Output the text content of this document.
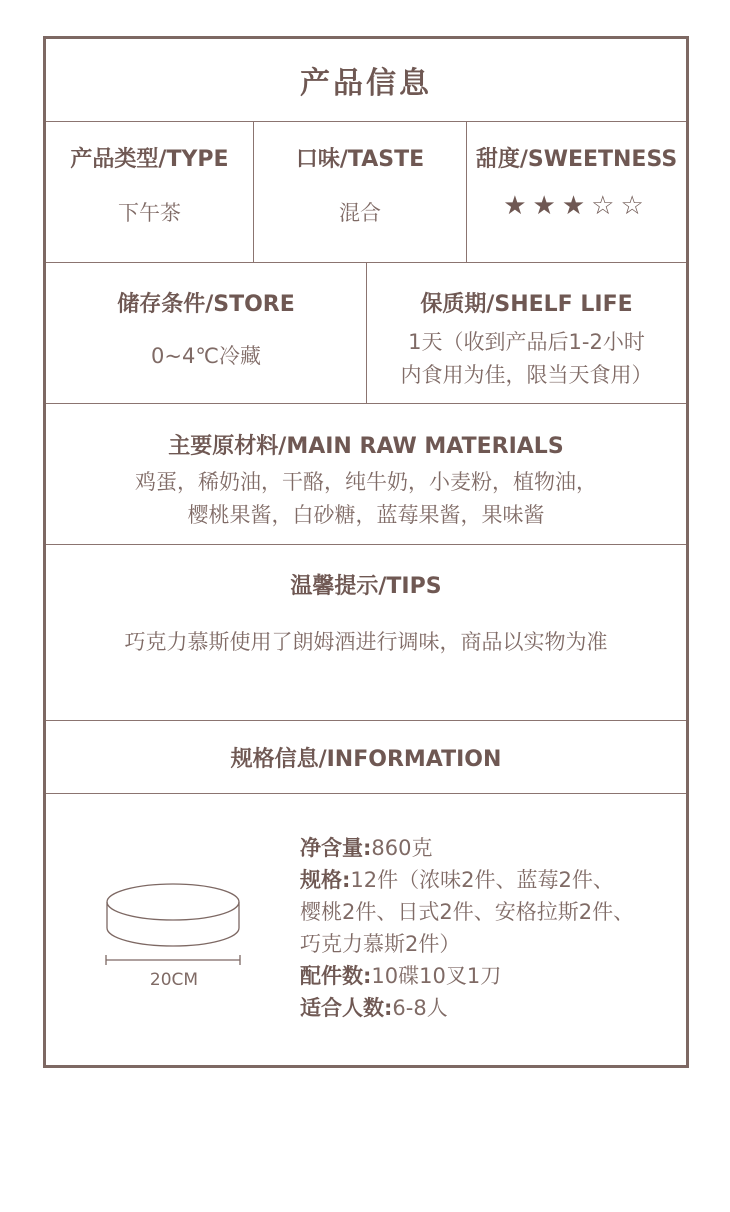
产品信息
产品类型/TYPE
下午茶
口味/TASTE
混合
甜度/SWEETNESS
★★★☆☆
储存条件/STORE
0~4℃冷藏
保质期/SHELF LIFE
1天（收到产品后1-2小时
内食用为佳，限当天食用）
主要原材料/MAIN RAW MATERIALS
鸡蛋，稀奶油，干酪，纯牛奶，小麦粉，植物油，
樱桃果酱，白砂糖，蓝莓果酱，果味酱
温馨提示/TIPS
巧克力慕斯使用了朗姆酒进行调味，商品以实物为准
规格信息/INFORMATION
20CM
净含量:860克
规格:12件（浓味2件、蓝莓2件、
樱桃2件、日式2件、安格拉斯2件、
巧克力慕斯2件）
配件数:10碟10叉1刀
适合人数:6-8人
